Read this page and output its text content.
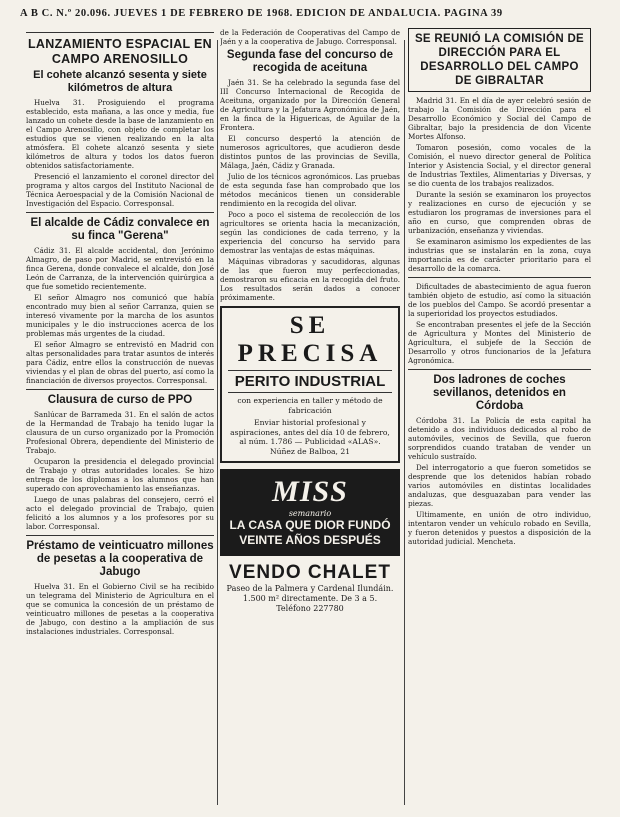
A B C. N.º 20.096. JUEVES 1 DE FEBRERO DE 1968. EDICION DE ANDALUCIA. PAGINA 39
LANZAMIENTO ESPACIAL EN CAMPO ARENOSILLO
El cohete alcanzó sesenta y siete kilómetros de altura

Huelva 31. Prosiguiendo el programa establecido, esta mañana, a las once y media, fue lanzado un cohete desde la base de lanzamiento en el Campo Arenosillo, con objeto de completar los estudios que se vienen realizando en la alta atmósfera. El cohete alcanzó sesenta y siete kilómetros de altura y todos los datos fueron obtenidos satisfactoriamente.

Presenció el lanzamiento el coronel director del programa y altos cargos del Instituto Nacional de Técnica Aeroespacial y de la Comisión Nacional de Investigación del Espacio. Corresponsal.

El alcalde de Cádiz convalece en su finca "Gerena"

Cádiz 31. El alcalde accidental, don Jerónimo Almagro, de paso por Madrid, se entrevistó en la finca Gerena, donde convalece el alcalde, don José León de Carranza, de la intervención quirúrgica a que fue sometido recientemente.

El señor Almagro nos comunicó que había encontrado muy bien al señor Carranza, quien se interesó vivamente por la marcha de los asuntos municipales y le dio instrucciones acerca de los problemas más urgentes de la ciudad.

El señor Almagro se entrevistó en Madrid con altas personalidades para tratar asuntos de interés para Cádiz, entre ellos la construcción de nuevas viviendas y el plan de obras del puerto, así como la financiación de diversos proyectos. Corresponsal.

Clausura de curso de PPO

Sanlúcar de Barrameda 31. En el salón de actos de la Hermandad de Trabajo ha tenido lugar la clausura de un curso organizado por la Promoción Profesional Obrera, dependiente del Ministerio de Trabajo.

Ocuparon la presidencia el delegado provincial de Trabajo y otras autoridades locales. Se hizo entrega de los diplomas a los alumnos que han superado con aprovechamiento las enseñanzas.

Luego de unas palabras del consejero, cerró el acto el delegado provincial de Trabajo, quien felicitó a los alumnos y a los profesores por su labor. Corresponsal.

Préstamo de veinticuatro millones de pesetas a la cooperativa de Jabugo

Huelva 31. En el Gobierno Civil se ha recibido un telegrama del Ministerio de Agricultura en el que se comunica la concesión de un préstamo de veinticuatro millones de pesetas a la cooperativa de Jabugo, con destino a la ampliación de sus instalaciones industriales. Corresponsal.

de la Federación de Cooperativas del Campo de Jaén y a la cooperativa de Jabugo. Corresponsal.

Segunda fase del concurso de recogida de aceituna

Jaén 31. Se ha celebrado la segunda fase del III Concurso Internacional de Recogida de Aceituna, organizado por la Dirección General de Agricultura y la Jefatura Agronómica de Jaén, en la finca de la Higuericas, de Aguilar de la Frontera.

El concurso despertó la atención de numerosos agricultores, que acudieron desde distintos puntos de las provincias de Sevilla, Málaga, Jaén, Cádiz y Granada.

Julio de los técnicos agronómicos. Las pruebas de esta segunda fase han comprobado que los métodos mecánicos tienen un considerable rendimiento en la recogida del olivar.

Poco a poco el sistema de recolección de los agricultores se orienta hacia la mecanización, según las condiciones de cada terreno, y la experiencia del concurso ha servido para demostrar las ventajas de estas máquinas.

Máquinas vibradoras y sacudidoras, algunas de las que fueron muy perfeccionadas, demostraron su eficacia en la recogida del fruto. Los resultados serán dados a conocer próximamente.

SE PRECISA
PERITO INDUSTRIAL
con experiencia en taller y método de fabricación
Enviar historial profesional y aspiraciones, antes del día 10 de febrero, al núm. 1.786 — Publicidad «ALAS». Núñez de Balboa, 21
MISS
semanario
LA CASA QUE DIOR FUNDÓ
VEINTE AÑOS DESPUÉS
VENDO CHALET
Paseo de la Palmera y Cardenal Ilundáin. 1.500 m² directamente. De 3 a 5.
Teléfono 227780
SE REUNIÓ LA COMISIÓN DE DIRECCIÓN PARA EL DESARROLLO DEL CAMPO DE GIBRALTAR

Madrid 31. En el día de ayer celebró sesión de trabajo la Comisión de Dirección para el Desarrollo Económico y Social del Campo de Gibraltar, bajo la presidencia de don Vicente Mortes Alfonso.

Tomaron posesión, como vocales de la Comisión, el nuevo director general de Política Interior y Asistencia Social, y el director general de Industrias Textiles, Alimentarias y Diversas, y se dio cuenta de los trabajos realizados.

Durante la sesión se examinaron los proyectos y realizaciones en curso de ejecución y se estudiaron los programas de inversiones para el año en curso, que comprenden obras de urbanización, enseñanza y viviendas.

Se examinaron asimismo los expedientes de las industrias que se instalarán en la zona, cuya importancia es de carácter prioritario para el desarrollo de la comarca.

Dificultades de abastecimiento de agua fueron también objeto de estudio, así como la situación de los pueblos del Campo. Se acordó presentar a la superioridad los proyectos estudiados.

Se encontraban presentes el jefe de la Sección de Agricultura y Montes del Ministerio de Agricultura, el subjefe de la Sección de Desarrollo y otros funcionarios de la Jefatura Agronómica.

Dos ladrones de coches sevillanos, detenidos en Córdoba

Córdoba 31. La Policía de esta capital ha detenido a dos individuos dedicados al robo de automóviles, vecinos de Sevilla, que fueron sorprendidos cuando trataban de vender un vehículo sustraído.

Del interrogatorio a que fueron sometidos se desprende que los detenidos habían robado varios automóviles en distintas localidades andaluzas, que desguazaban para vender las piezas.

Ultimamente, en unión de otro individuo, intentaron vender un vehículo robado en Sevilla, y fueron detenidos y puestos a disposición de la autoridad judicial. Mencheta.
